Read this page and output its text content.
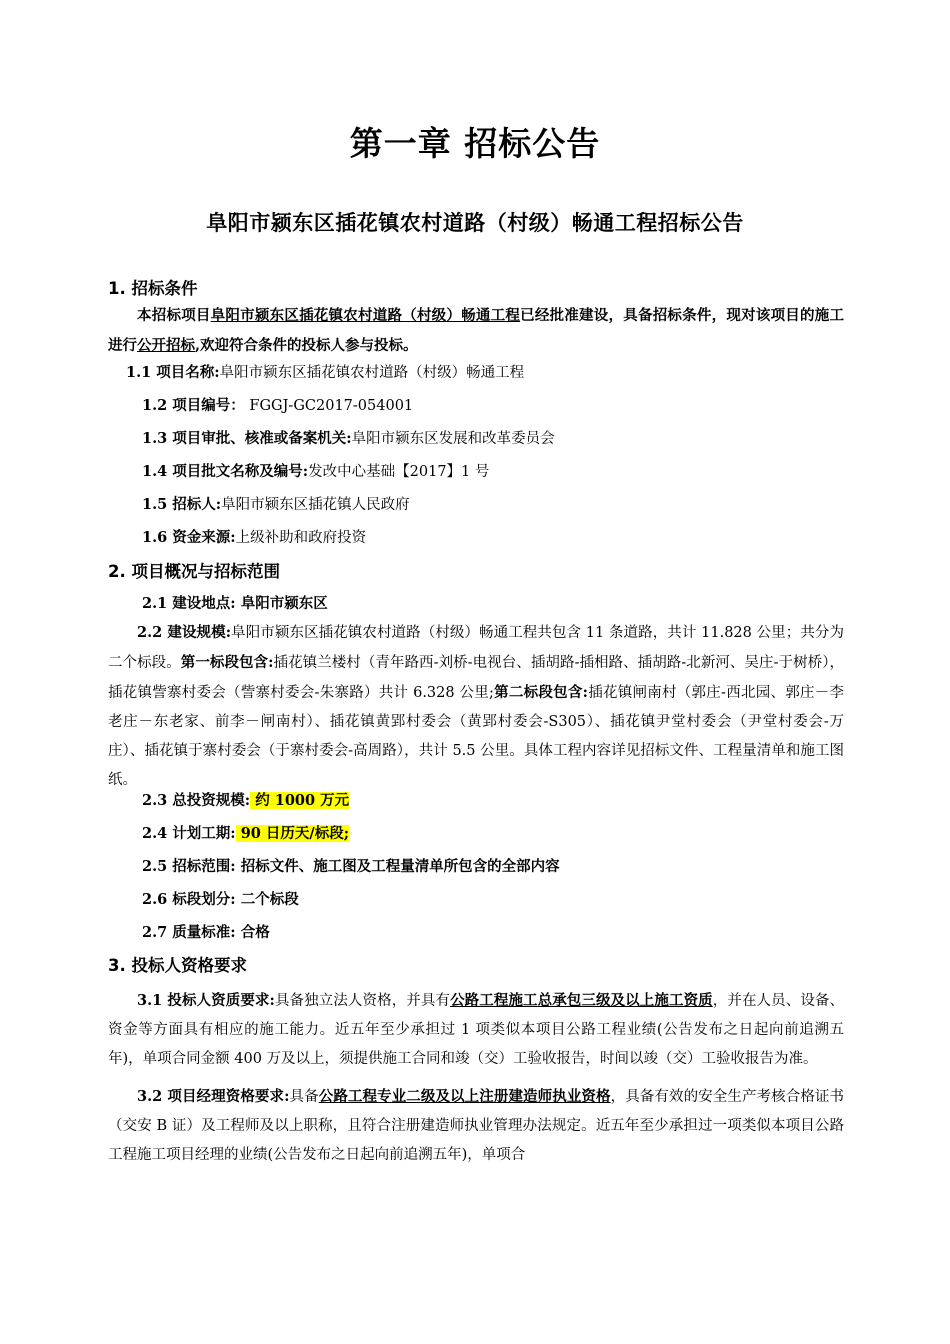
第一章 招标公告
阜阳市颍东区插花镇农村道路（村级）畅通工程招标公告
1. 招标条件
本招标项目阜阳市颍东区插花镇农村道路（村级）畅通工程已经批准建设，具备招标条件，现对该项目的施工进行公开招标,欢迎符合条件的投标人参与投标。
1.1 项目名称:阜阳市颍东区插花镇农村道路（村级）畅通工程
1.2 项目编号： FGGJ-GC2017-054001
1.3 项目审批、核准或备案机关:阜阳市颍东区发展和改革委员会
1.4 项目批文名称及编号:发改中心基础【2017】1 号
1.5 招标人:阜阳市颍东区插花镇人民政府
1.6 资金来源:上级补助和政府投资
2. 项目概况与招标范围
2.1 建设地点: 阜阳市颍东区
2.2 建设规模:阜阳市颍东区插花镇农村道路（村级）畅通工程共包含 11 条道路，共计 11.828 公里；共分为二个标段。第一标段包含:插花镇兰楼村（青年路西-刘桥-电视台、插胡路-插相路、插胡路-北新河、吴庄-于树桥），插花镇訾寨村委会（訾寨村委会-朱寨路）共计 6.328 公里;第二标段包含:插花镇闸南村（郭庄-西北园、郭庄－李老庄－东老家、前李－闸南村）、插花镇黄郢村委会（黄郢村委会-S305）、插花镇尹堂村委会（尹堂村委会-万庄）、插花镇于寨村委会（于寨村委会-高周路），共计 5.5 公里。具体工程内容详见招标文件、工程量清单和施工图纸。
2.3 总投资规模: 约 1000 万元
2.4 计划工期: 90 日历天/标段;
2.5 招标范围: 招标文件、施工图及工程量清单所包含的全部内容
2.6 标段划分: 二个标段
2.7 质量标准: 合格
3. 投标人资格要求
3.1 投标人资质要求:具备独立法人资格，并具有公路工程施工总承包三级及以上施工资质，并在人员、设备、资金等方面具有相应的施工能力。近五年至少承担过 1 项类似本项目公路工程业绩(公告发布之日起向前追溯五年)，单项合同金额 400 万及以上，须提供施工合同和竣（交）工验收报告，时间以竣（交）工验收报告为准。
3.2 项目经理资格要求:具备公路工程专业二级及以上注册建造师执业资格，具备有效的安全生产考核合格证书（交安 B 证）及工程师及以上职称，且符合注册建造师执业管理办法规定。近五年至少承担过一项类似本项目公路工程施工项目经理的业绩(公告发布之日起向前追溯五年)，单项合
